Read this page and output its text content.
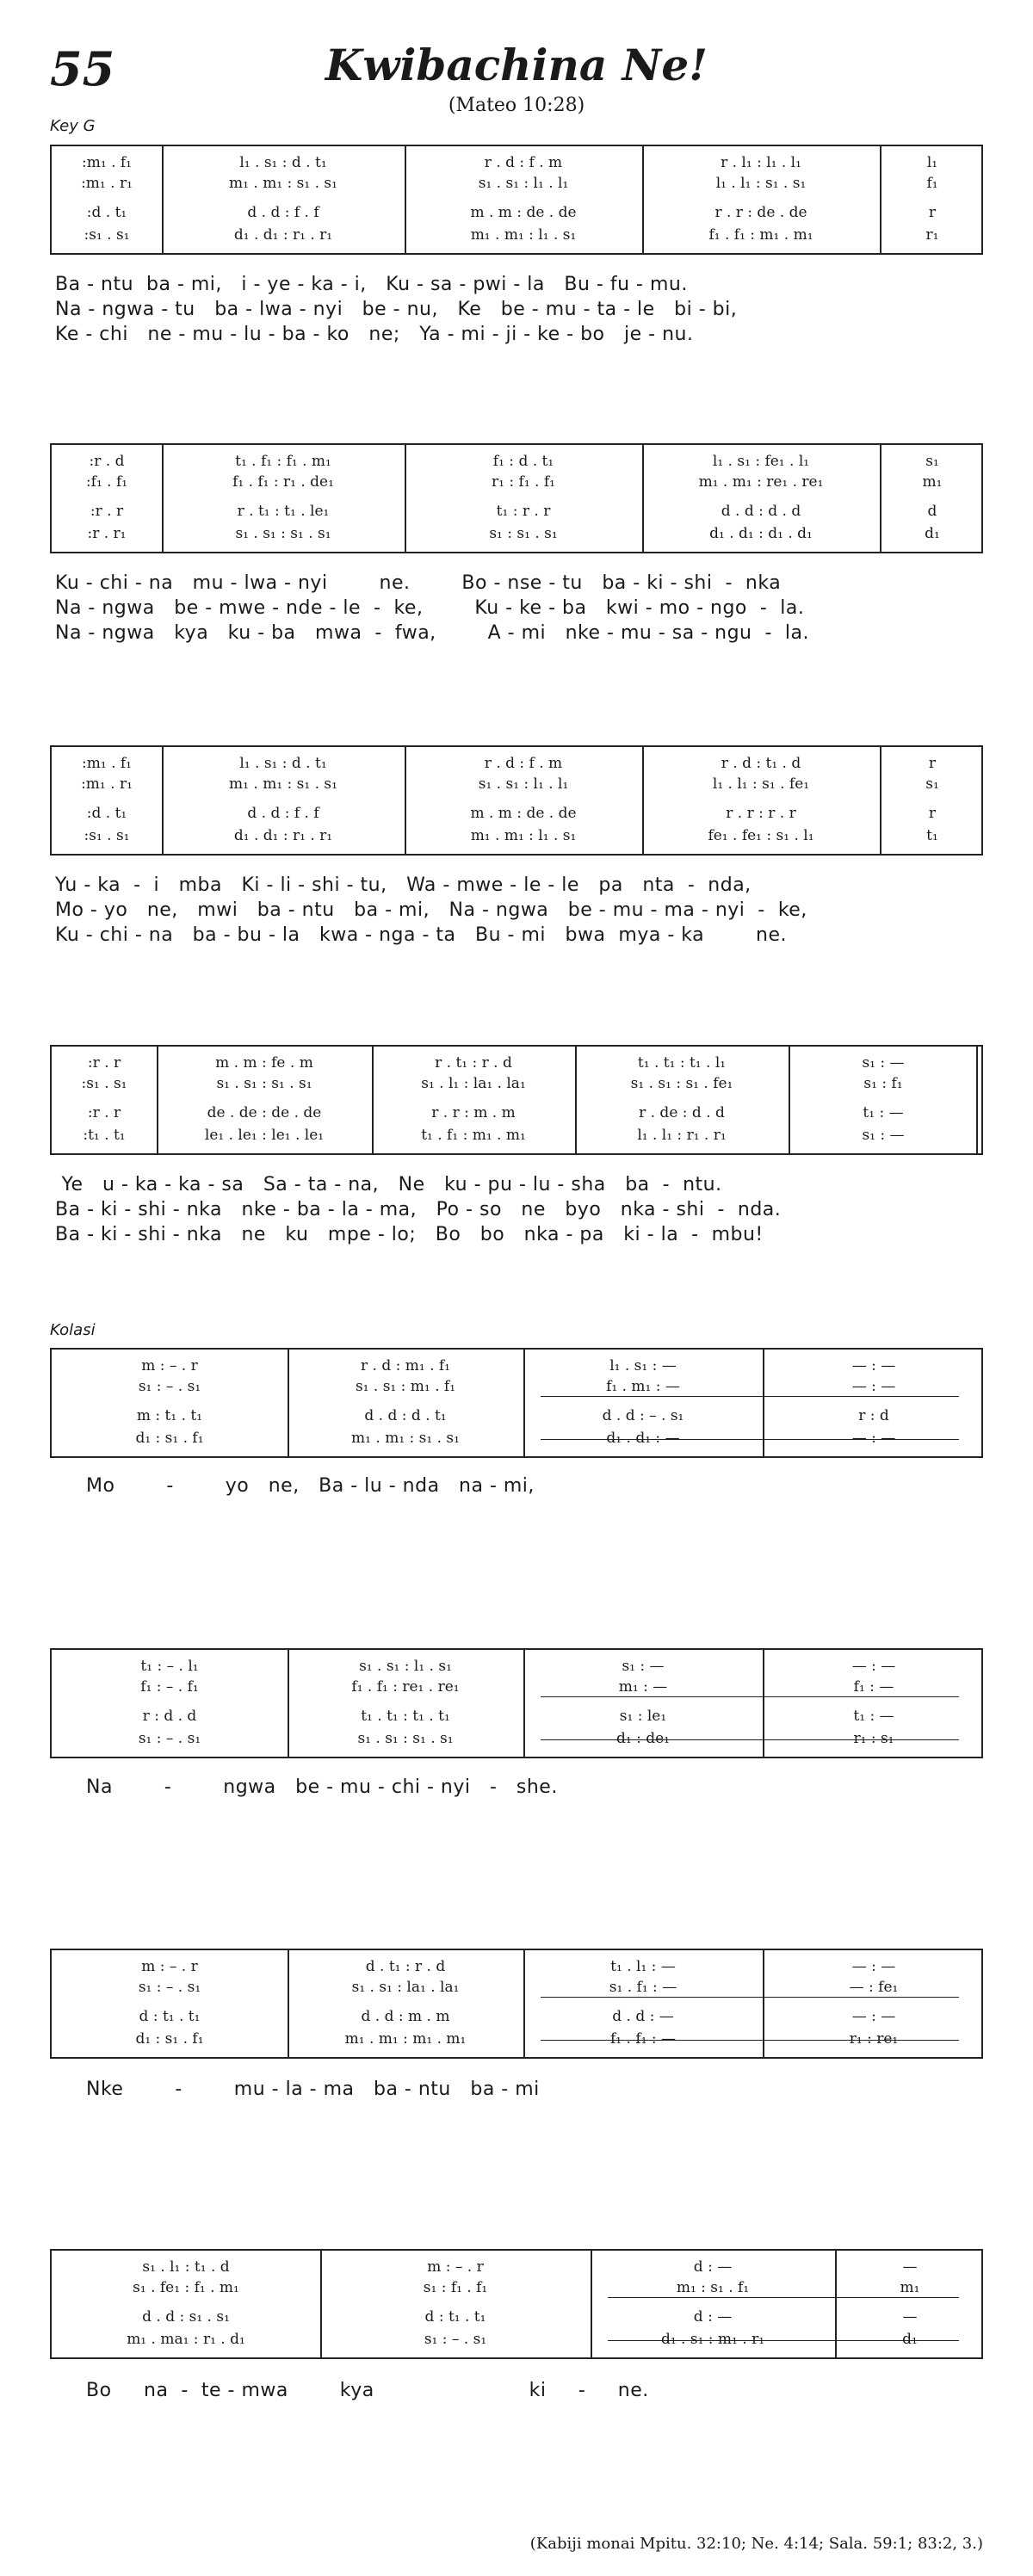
55	Kwibachina Ne!
(Mateo 10:28)
Key G
Kolasi
:m₁ . f₁	l₁ . s₁ : d . t₁	r . d : f . m	r . l₁ : l₁ . l₁	l₁
:m₁ . r₁	m₁ . m₁ : s₁ . s₁	s₁ . s₁ : l₁ . l₁	l₁ . l₁ : s₁ . s₁	f₁
:d . t₁	d . d : f . f	m . m : de . de	r . r : de . de	r
:s₁ . s₁	d₁ . d₁ : r₁ . r₁	m₁ . m₁ : l₁ . s₁	f₁ . f₁ : m₁ . m₁	r₁
Ba - ntu  ba - mi,   i - ye - ka - i,   Ku - sa - pwi - la   Bu - fu - mu.
Na - ngwa - tu   ba - lwa - nyi   be - nu,   Ke   be - mu - ta - le   bi - bi,
Ke - chi   ne - mu - lu - ba - ko   ne;   Ya - mi - ji - ke - bo   je - nu.
:r . d	t₁ . f₁ : f₁ . m₁	f₁ : d . t₁	l₁ . s₁ : fe₁ . l₁	s₁
:f₁ . f₁	f₁ . f₁ : r₁ . de₁	r₁ : f₁ . f₁	m₁ . m₁ : re₁ . re₁	m₁
:r . r	r . t₁ : t₁ . le₁	t₁ : r . r	d . d : d . d	d
:r . r₁	s₁ . s₁ : s₁ . s₁	s₁ : s₁ . s₁	d₁ . d₁ : d₁ . d₁	d₁
Ku - chi - na   mu - lwa - nyi        ne.        Bo - nse - tu   ba - ki - shi  -  nka
Na - ngwa   be - mwe - nde - le  -  ke,        Ku - ke - ba   kwi - mo - ngo  -  la.
Na - ngwa   kya   ku - ba   mwa  -  fwa,        A - mi   nke - mu - sa - ngu  -  la.
:m₁ . f₁	l₁ . s₁ : d . t₁	r . d : f . m	r . d : t₁ . d	r
:m₁ . r₁	m₁ . m₁ : s₁ . s₁	s₁ . s₁ : l₁ . l₁	l₁ . l₁ : s₁ . fe₁	s₁
:d . t₁	d . d : f . f	m . m : de . de	r . r : r . r	r
:s₁ . s₁	d₁ . d₁ : r₁ . r₁	m₁ . m₁ : l₁ . s₁	fe₁ . fe₁ : s₁ . l₁	t₁
Yu - ka  -  i   mba   Ki - li - shi - tu,   Wa - mwe - le - le   pa   nta  -  nda,
Mo - yo   ne,   mwi   ba - ntu   ba - mi,   Na - ngwa   be - mu - ma - nyi  -  ke,
Ku - chi - na   ba - bu - la   kwa - nga - ta   Bu - mi   bwa  mya - ka        ne.
:r . r	m . m : fe . m	r . t₁ : r . d	t₁ . t₁ : t₁ . l₁	s₁ : —
:s₁ . s₁	s₁ . s₁ : s₁ . s₁	s₁ . l₁ : la₁ . la₁	s₁ . s₁ : s₁ . fe₁	s₁ : f₁
:r . r	de . de : de . de	r . r : m . m	r . de : d . d	t₁ : —
:t₁ . t₁	le₁ . le₁ : le₁ . le₁	t₁ . f₁ : m₁ . m₁	l₁ . l₁ : r₁ . r₁	s₁ : —
Ye   u - ka - ka - sa   Sa - ta - na,   Ne   ku - pu - lu - sha   ba  -  ntu.
Ba - ki - shi - nka   nke - ba - la - ma,   Po - so   ne   byo   nka - shi  -  nda.
Ba - ki - shi - nka   ne   ku   mpe - lo;   Bo   bo   nka - pa   ki - la  -  mbu!
m : – . r	r . d : m₁ . f₁	l₁ . s₁ : —	— : —
s₁ : – . s₁	s₁ . s₁ : m₁ . f₁	f₁ . m₁ : —	— : —
m : t₁ . t₁	d . d : d . t₁	d . d : – . s₁	r : d
d₁ : s₁ . f₁	m₁ . m₁ : s₁ . s₁	d₁ . d₁ : —	— : —
Mo        -        yo   ne,   Ba - lu - nda   na - mi,
t₁ : – . l₁	s₁ . s₁ : l₁ . s₁	s₁ : —	— : —
f₁ : – . f₁	f₁ . f₁ : re₁ . re₁	m₁ : —	f₁ : —
r : d . d	t₁ . t₁ : t₁ . t₁	s₁ : le₁	t₁ : —
s₁ : – . s₁	s₁ . s₁ : s₁ . s₁	d₁ : de₁	r₁ : s₁
Na        -        ngwa   be - mu - chi - nyi   -   she.
m : – . r	d . t₁ : r . d	t₁ . l₁ : —	— : —
s₁ : – . s₁	s₁ . s₁ : la₁ . la₁	s₁ . f₁ : —	— : fe₁
d : t₁ . t₁	d . d : m . m	d . d : —	— : —
d₁ : s₁ . f₁	m₁ . m₁ : m₁ . m₁	f₁ . f₁ : —	r₁ : re₁
Nke        -        mu - la - ma   ba - ntu   ba - mi
s₁ . l₁ : t₁ . d	m : – . r	d : —	—
s₁ . fe₁ : f₁ . m₁	s₁ : f₁ . f₁	m₁ : s₁ . f₁	m₁
d . d : s₁ . s₁	d : t₁ . t₁	d : —	—
m₁ . ma₁ : r₁ . d₁	s₁ : – . s₁	d₁ . s₁ : m₁ . r₁	d₁
Bo     na  -  te - mwa        kya                        ki     -     ne.
(Kabiji monai Mpitu. 32:10; Ne. 4:14; Sala. 59:1; 83:2, 3.)
